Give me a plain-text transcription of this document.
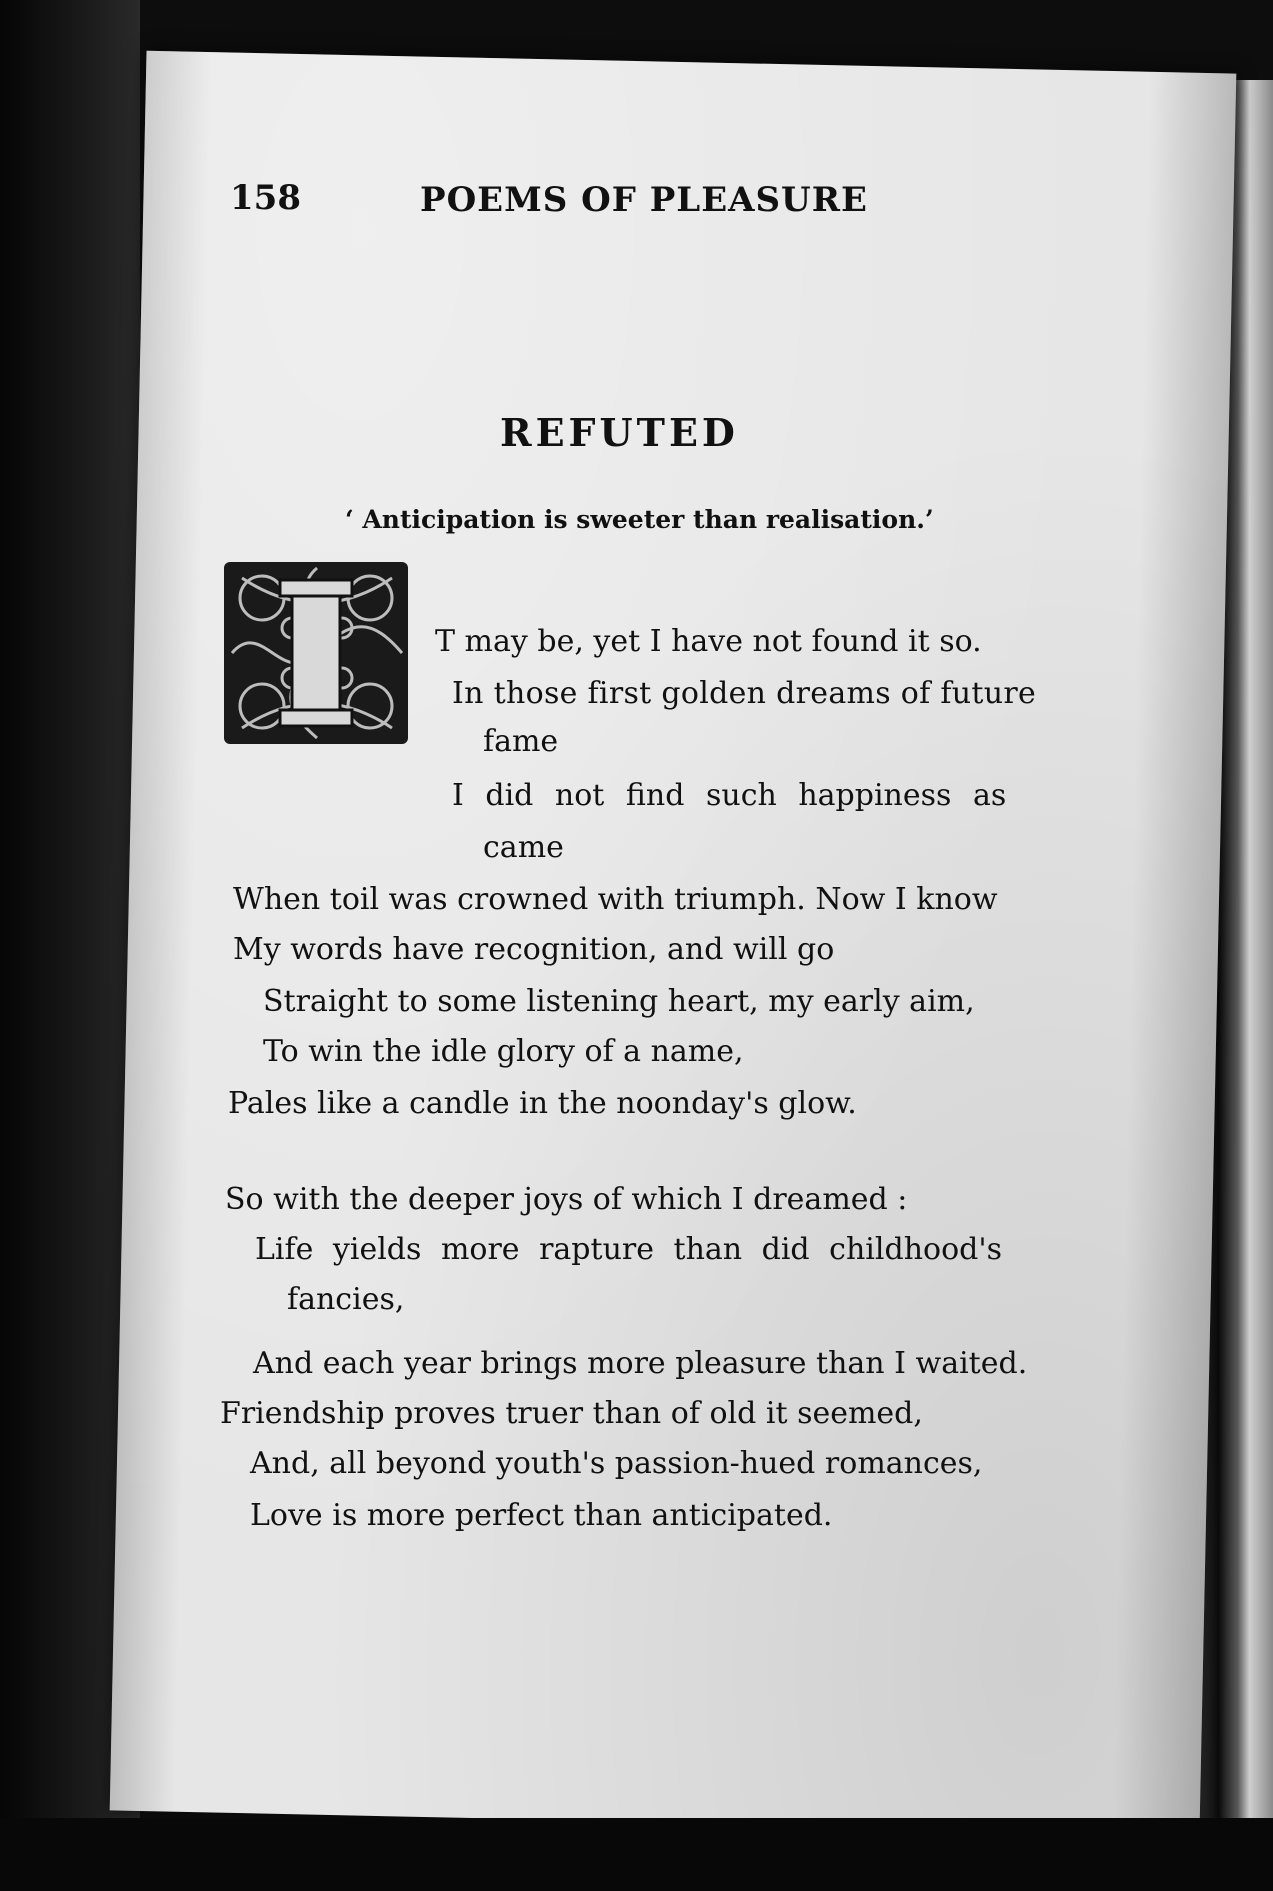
158	POEMS OF PLEASURE
REFUTED
‘ Anticipation is sweeter than realisation.’
T may be, yet I have not found it so.
In those first golden dreams of future
fame
I did not find such happiness as
came
When toil was crowned with triumph. Now I know
My words have recognition, and will go
Straight to some listening heart, my early aim,
To win the idle glory of a name,
Pales like a candle in the noonday's glow.
So with the deeper joys of which I dreamed :
Life yields more rapture than did childhood's
fancies,
And each year brings more pleasure than I waited.
Friendship proves truer than of old it seemed,
And, all beyond youth's passion-hued romances,
Love is more perfect than anticipated.
